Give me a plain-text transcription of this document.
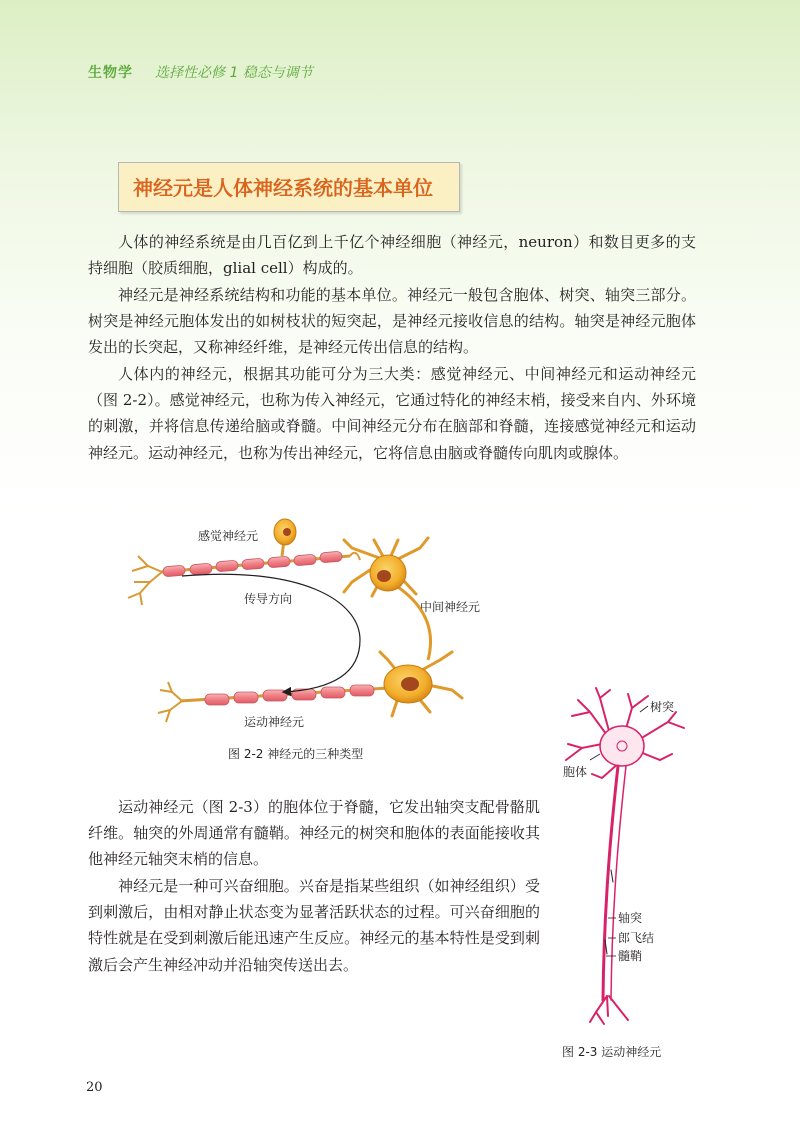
生物学 选择性必修 1 稳态与调节
神经元是人体神经系统的基本单位

人体的神经系统是由几百亿到上千亿个神经细胞（神经元，neuron）和数目更多的支持细胞（胶质细胞，glial cell）构成的。

神经元是神经系统结构和功能的基本单位。神经元一般包含胞体、树突、轴突三部分。树突是神经元胞体发出的如树枝状的短突起，是神经元接收信息的结构。轴突是神经元胞体发出的长突起，又称神经纤维，是神经元传出信息的结构。

人体内的神经元，根据其功能可分为三大类：感觉神经元、中间神经元和运动神经元（图 2-2）。感觉神经元，也称为传入神经元，它通过特化的神经末梢，接受来自内、外环境的刺激，并将信息传递给脑或脊髓。中间神经元分布在脑部和脊髓，连接感觉神经元和运动神经元。运动神经元，也称为传出神经元，它将信息由脑或脊髓传向肌肉或腺体。

感觉神经元
传导方向
中间神经元
运动神经元
图 2-2 神经元的三种类型
树突
胞体
轴突
郎飞结
髓鞘
图 2-3 运动神经元

运动神经元（图 2-3）的胞体位于脊髓，它发出轴突支配骨骼肌纤维。轴突的外周通常有髓鞘。神经元的树突和胞体的表面能接收其他神经元轴突末梢的信息。

神经元是一种可兴奋细胞。兴奋是指某些组织（如神经组织）受到刺激后，由相对静止状态变为显著活跃状态的过程。可兴奋细胞的特性就是在受到刺激后能迅速产生反应。神经元的基本特性是受到刺激后会产生神经冲动并沿轴突传送出去。

20
